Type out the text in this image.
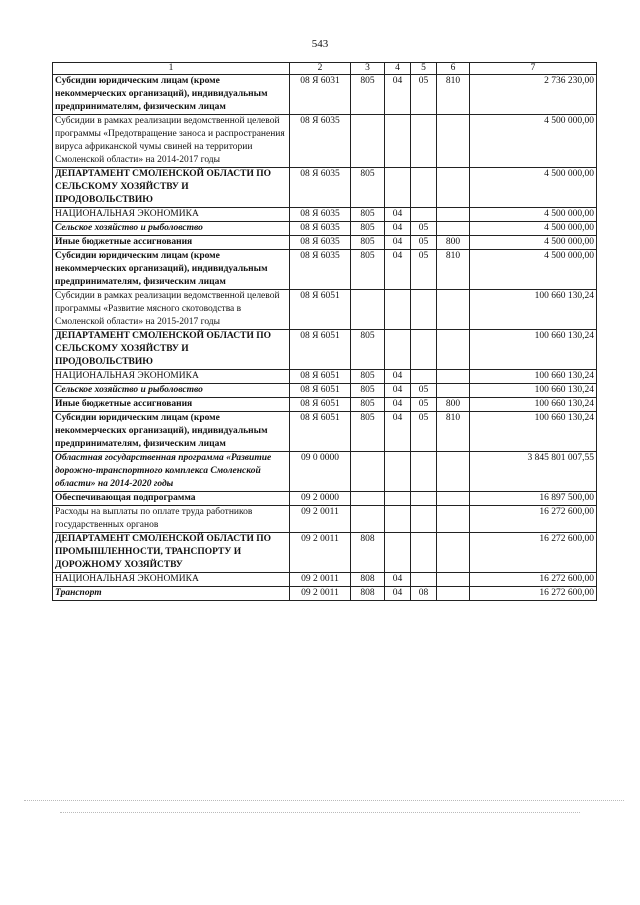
543
1	2	3	4	5	6	7
Субсидии юридическим лицам (кроме некоммерческих организаций), индивидуальным предпринимателям, физическим лицам	08 Я 6031	805	04	05	810	2 736 230,00
Субсидии в рамках реализации ведомственной целевой программы «Предотвращение заноса и распространения вируса африканской чумы свиней на территории Смоленской области» на 2014-2017 годы	08 Я 6035					4 500 000,00
ДЕПАРТАМЕНТ СМОЛЕНСКОЙ ОБЛАСТИ ПО СЕЛЬСКОМУ ХОЗЯЙСТВУ И ПРОДОВОЛЬСТВИЮ	08 Я 6035	805				4 500 000,00
НАЦИОНАЛЬНАЯ ЭКОНОМИКА	08 Я 6035	805	04			4 500 000,00
Сельское хозяйство и рыболовство	08 Я 6035	805	04	05		4 500 000,00
Иные бюджетные ассигнования	08 Я 6035	805	04	05	800	4 500 000,00
Субсидии юридическим лицам (кроме некоммерческих организаций), индивидуальным предпринимателям, физическим лицам	08 Я 6035	805	04	05	810	4 500 000,00
Субсидии в рамках реализации ведомственной целевой программы «Развитие мясного скотоводства в Смоленской области» на 2015-2017 годы	08 Я 6051					100 660 130,24
ДЕПАРТАМЕНТ СМОЛЕНСКОЙ ОБЛАСТИ ПО СЕЛЬСКОМУ ХОЗЯЙСТВУ И ПРОДОВОЛЬСТВИЮ	08 Я 6051	805				100 660 130,24
НАЦИОНАЛЬНАЯ ЭКОНОМИКА	08 Я 6051	805	04			100 660 130,24
Сельское хозяйство и рыболовство	08 Я 6051	805	04	05		100 660 130,24
Иные бюджетные ассигнования	08 Я 6051	805	04	05	800	100 660 130,24
Субсидии юридическим лицам (кроме некоммерческих организаций), индивидуальным предпринимателям, физическим лицам	08 Я 6051	805	04	05	810	100 660 130,24
Областная государственная программа «Развитие дорожно-транспортного комплекса Смоленской области» на 2014-2020 годы	09 0 0000					3 845 801 007,55
Обеспечивающая подпрограмма	09 2 0000					16 897 500,00
Расходы на выплаты по оплате труда работников государственных органов	09 2 0011					16 272 600,00
ДЕПАРТАМЕНТ СМОЛЕНСКОЙ ОБЛАСТИ ПО ПРОМЫШЛЕННОСТИ, ТРАНСПОРТУ И ДОРОЖНОМУ ХОЗЯЙСТВУ	09 2 0011	808				16 272 600,00
НАЦИОНАЛЬНАЯ ЭКОНОМИКА	09 2 0011	808	04			16 272 600,00
Транспорт	09 2 0011	808	04	08		16 272 600,00
